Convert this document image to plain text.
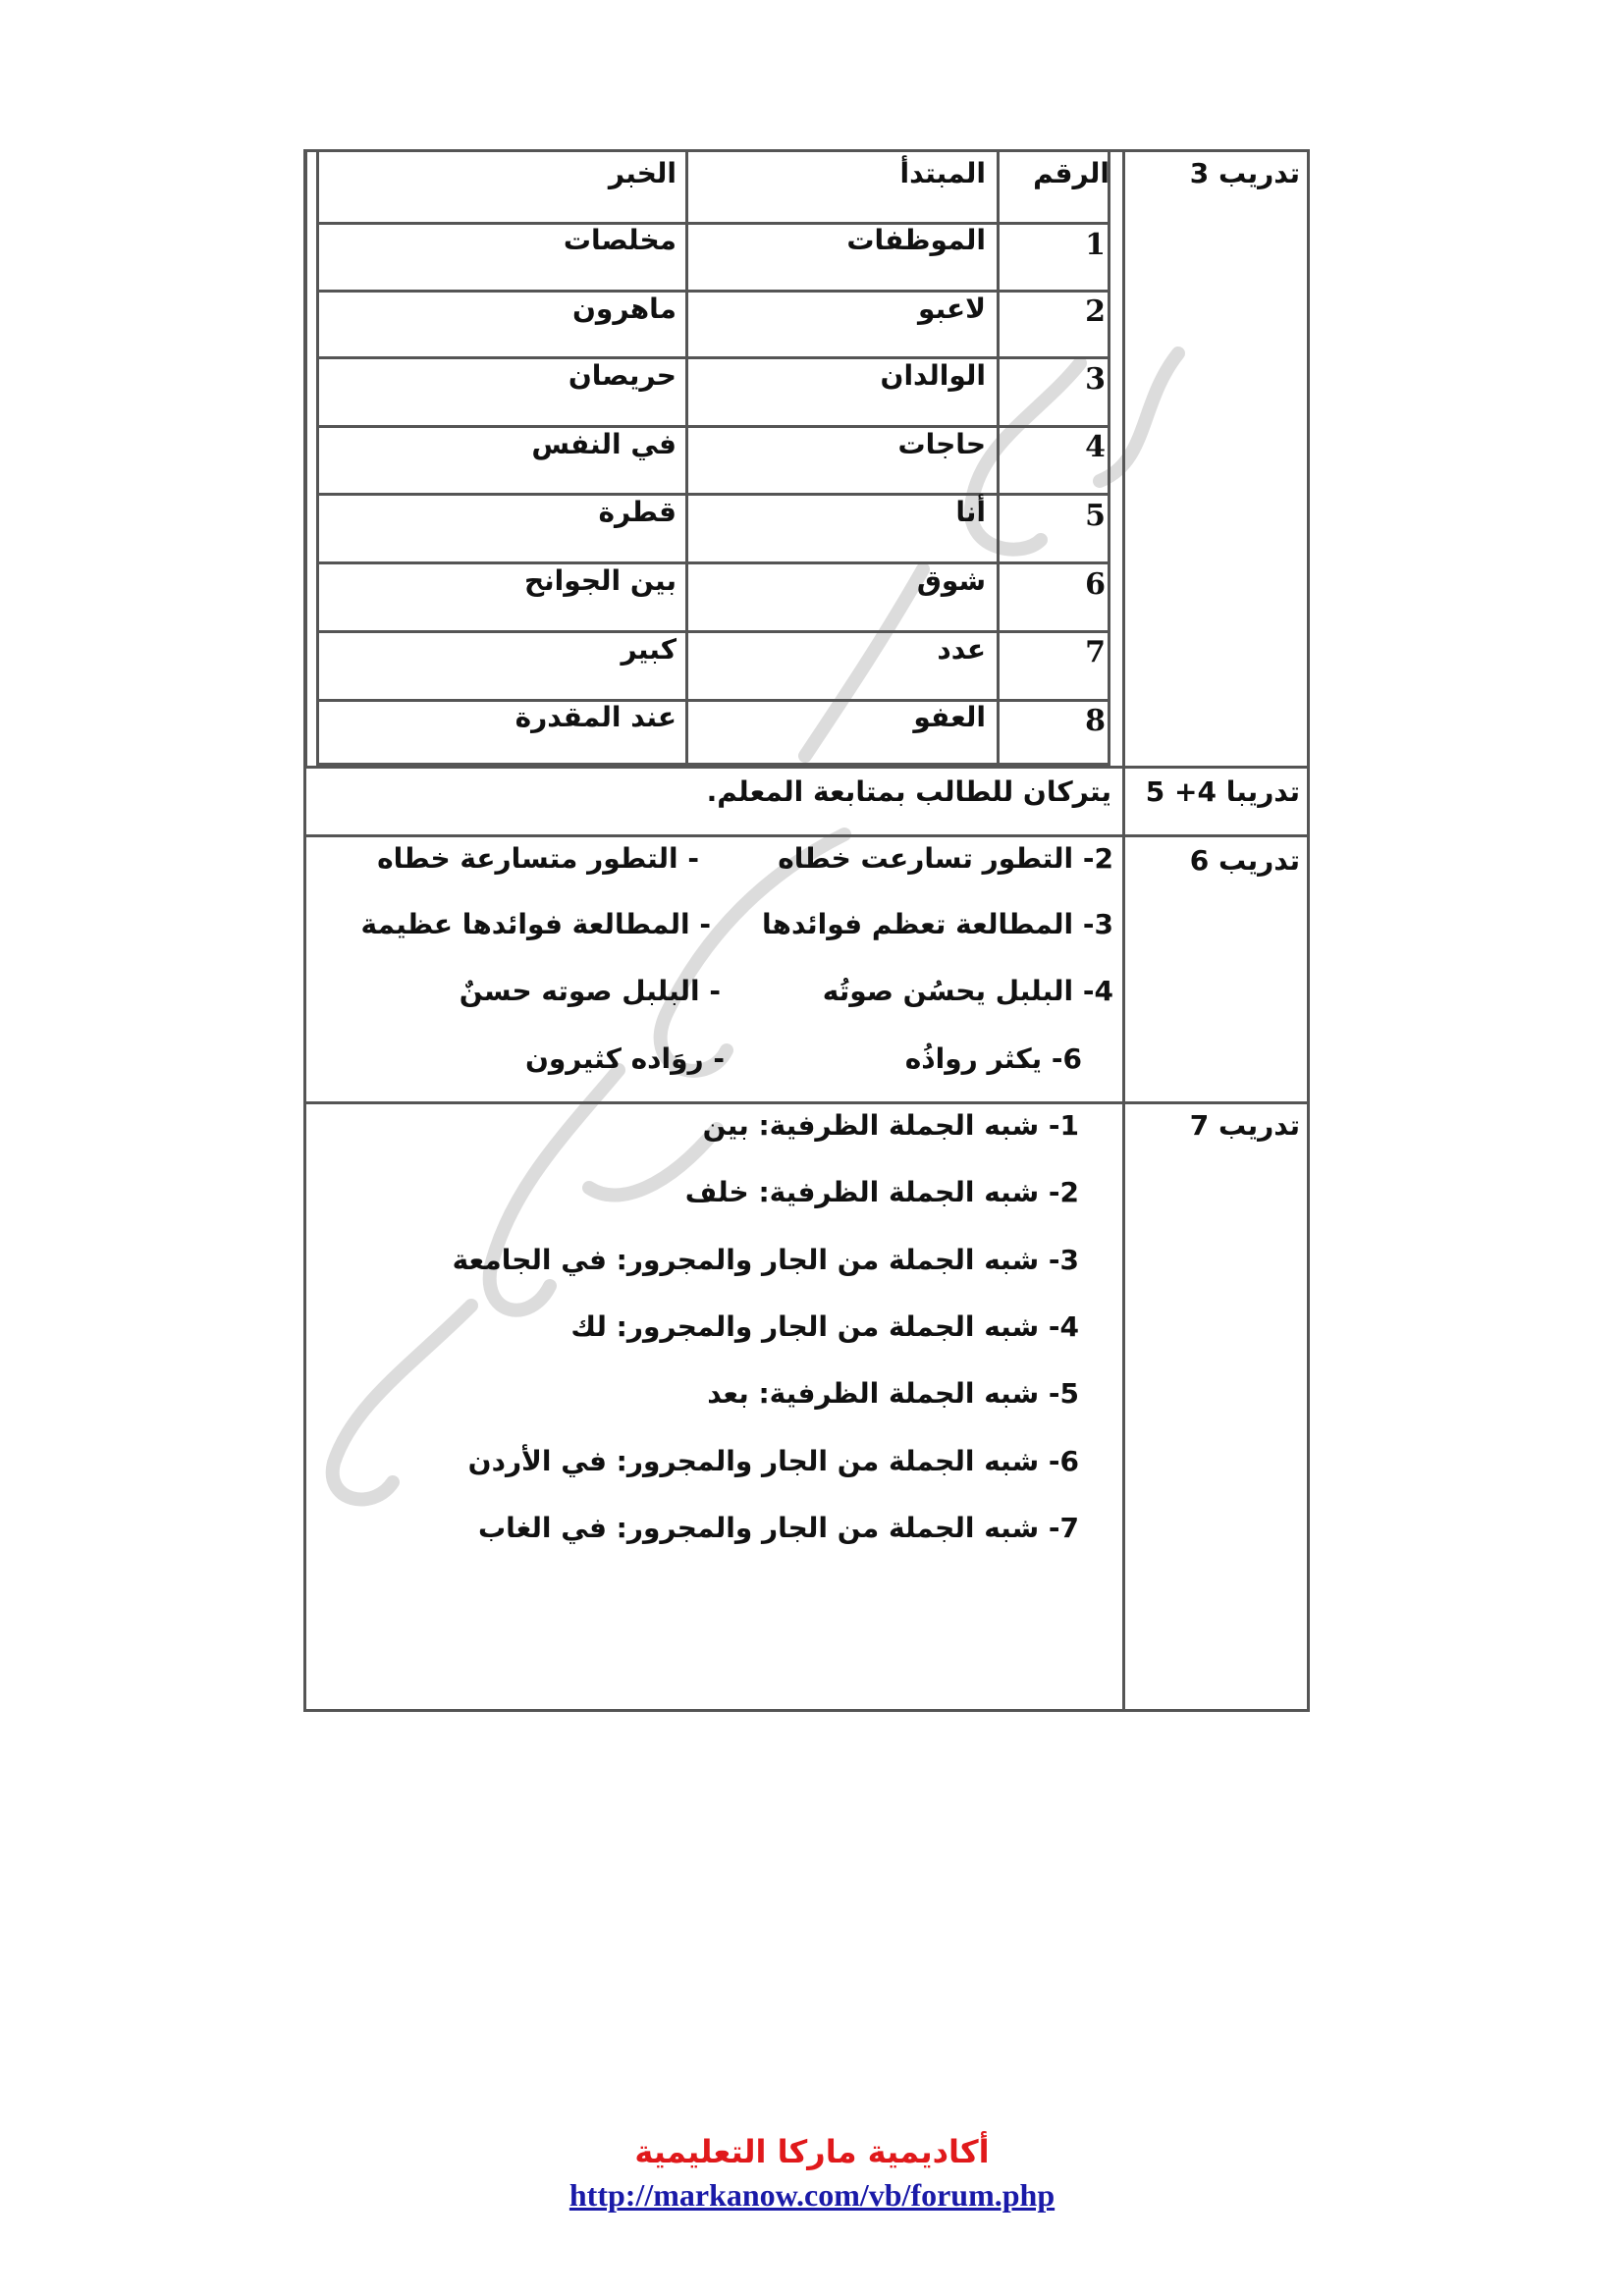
تدريب 3
الرقم
المبتدأ
الخبر
1
الموظفات
مخلصات
2
لاعبو
ماهرون
3
الوالدان
حريصان
4
حاجات
في النفس
5
أنا
قطرة
6
شوق
بين الجوانح
7
عدد
كبير
8
العفو
عند المقدرة
تدريبا 4+ 5
يتركان للطالب بمتابعة المعلم.
تدريب 6
2- التطور تسارعت خطاه
- التطور متسارعة خطاه
3- المطالعة تعظم فوائدها
- المطالعة فوائدها عظيمة
4- البلبل يحسُن صوتُه
- البلبل صوته حسنٌ
6- يكثر رواذُه
- روَاده كثيرون
تدريب 7
1- شبه الجملة الظرفية: بين
2- شبه الجملة الظرفية: خلف
3- شبه الجملة من الجار والمجرور: في الجامعة
4- شبه الجملة من الجار والمجرور: لك
5- شبه الجملة الظرفية: بعد
6- شبه الجملة من الجار والمجرور: في الأردن
7- شبه الجملة من الجار والمجرور: في الغاب
أكاديمية ماركا التعليمية
http://markanow.com/vb/forum.php
